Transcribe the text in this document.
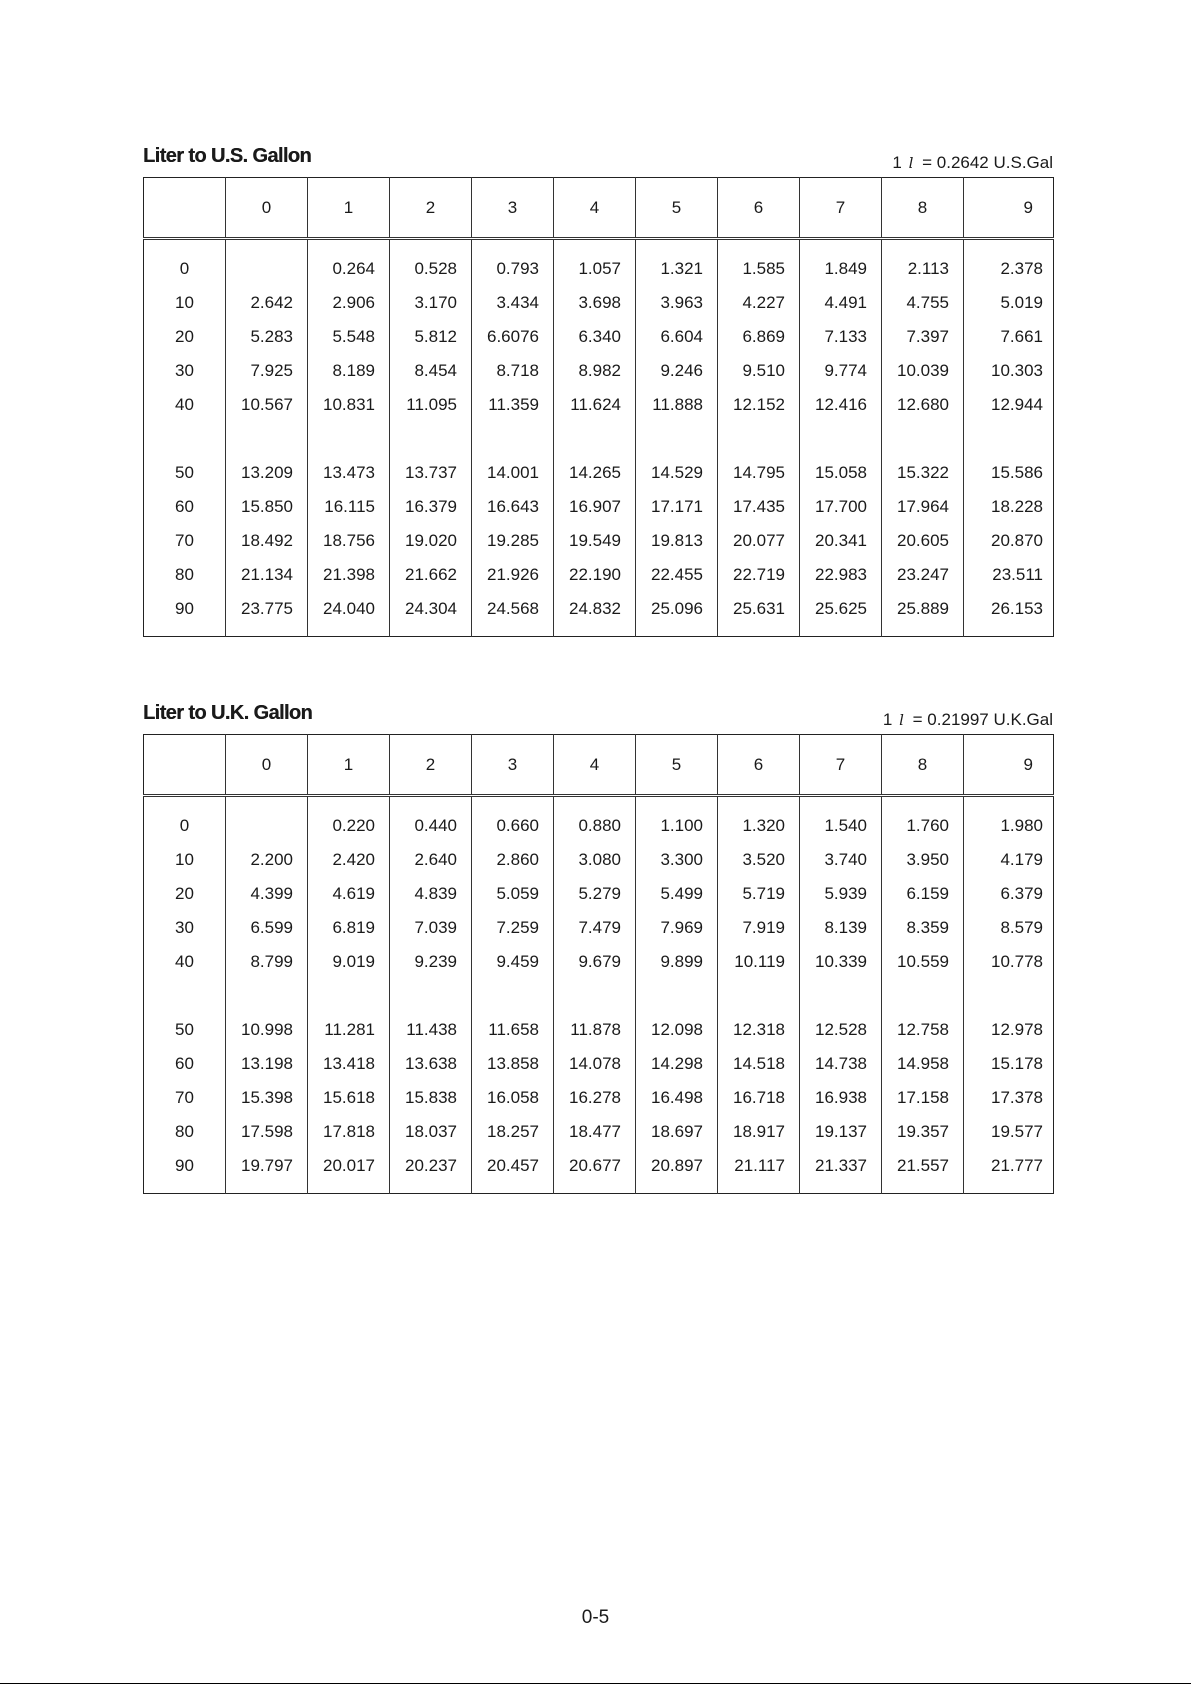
Liter to U.S. Gallon	1 l = 0.2642 U.S.Gal
	0	1	2	3	4	5	6	7	8	9
0		0.264	0.528	0.793	1.057	1.321	1.585	1.849	2.113	2.378
10	2.642	2.906	3.170	3.434	3.698	3.963	4.227	4.491	4.755	5.019
20	5.283	5.548	5.812	6.6076	6.340	6.604	6.869	7.133	7.397	7.661
30	7.925	8.189	8.454	8.718	8.982	9.246	9.510	9.774	10.039	10.303
40	10.567	10.831	11.095	11.359	11.624	11.888	12.152	12.416	12.680	12.944
50	13.209	13.473	13.737	14.001	14.265	14.529	14.795	15.058	15.322	15.586
60	15.850	16.115	16.379	16.643	16.907	17.171	17.435	17.700	17.964	18.228
70	18.492	18.756	19.020	19.285	19.549	19.813	20.077	20.341	20.605	20.870
80	21.134	21.398	21.662	21.926	22.190	22.455	22.719	22.983	23.247	23.511
90	23.775	24.040	24.304	24.568	24.832	25.096	25.631	25.625	25.889	26.153
Liter to U.K. Gallon	1 l = 0.21997 U.K.Gal
	0	1	2	3	4	5	6	7	8	9
0		0.220	0.440	0.660	0.880	1.100	1.320	1.540	1.760	1.980
10	2.200	2.420	2.640	2.860	3.080	3.300	3.520	3.740	3.950	4.179
20	4.399	4.619	4.839	5.059	5.279	5.499	5.719	5.939	6.159	6.379
30	6.599	6.819	7.039	7.259	7.479	7.969	7.919	8.139	8.359	8.579
40	8.799	9.019	9.239	9.459	9.679	9.899	10.119	10.339	10.559	10.778
50	10.998	11.281	11.438	11.658	11.878	12.098	12.318	12.528	12.758	12.978
60	13.198	13.418	13.638	13.858	14.078	14.298	14.518	14.738	14.958	15.178
70	15.398	15.618	15.838	16.058	16.278	16.498	16.718	16.938	17.158	17.378
80	17.598	17.818	18.037	18.257	18.477	18.697	18.917	19.137	19.357	19.577
90	19.797	20.017	20.237	20.457	20.677	20.897	21.117	21.337	21.557	21.777
0-5
